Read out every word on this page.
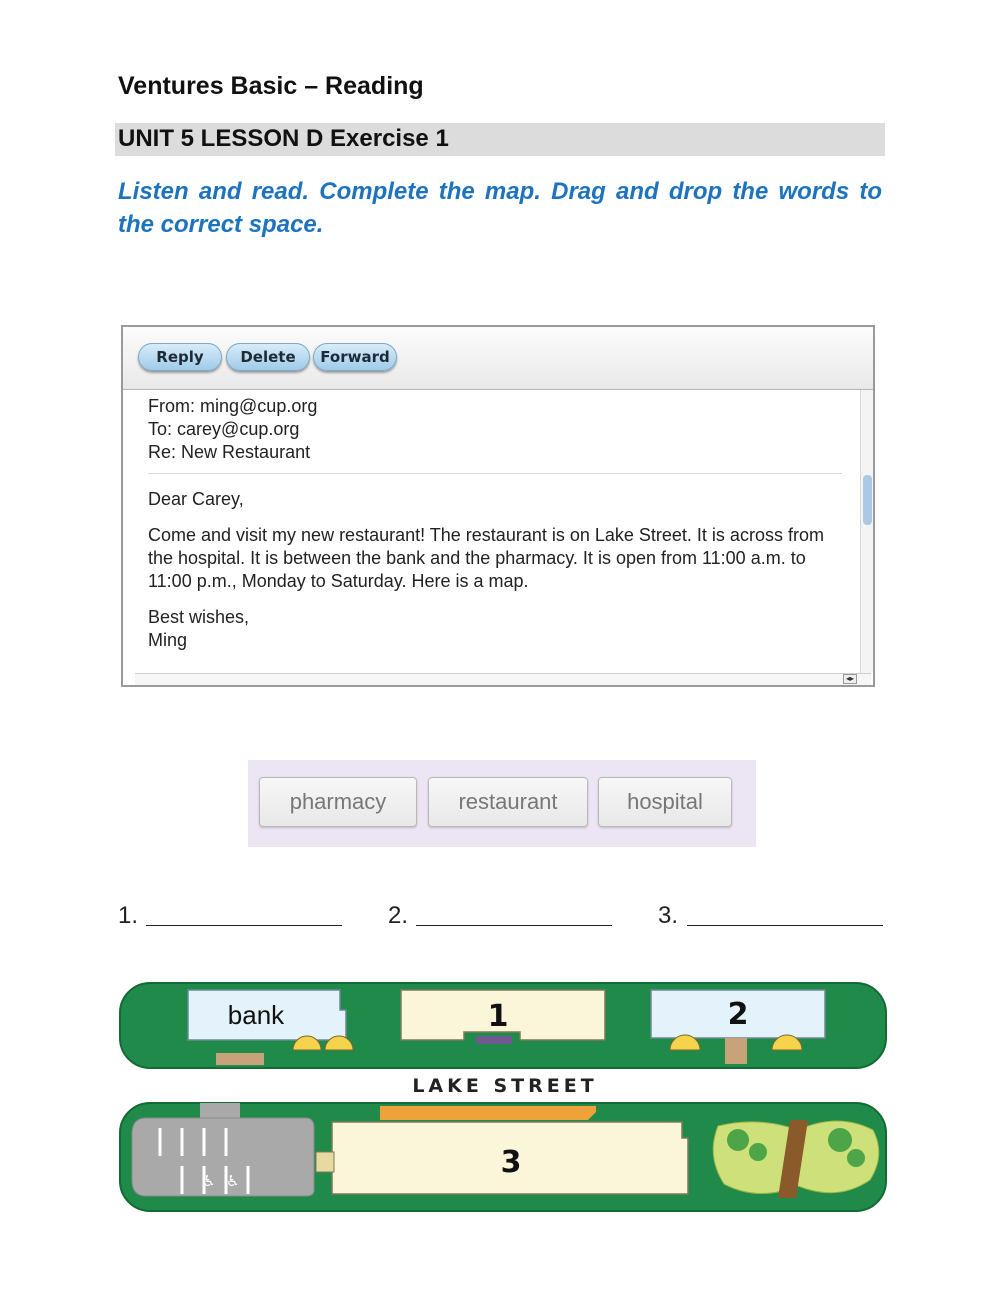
Ventures Basic – Reading
UNIT 5 LESSON D Exercise 1
Listen and read. Complete the map. Drag and drop the words to the correct space.
Reply	Delete	Forward
From: ming@cup.org
To: carey@cup.org
Re: New Restaurant

Dear Carey,

Come and visit my new restaurant! The restaurant is on Lake Street. It is across from the hospital. It is between the bank and the pharmacy. It is open from 11:00 a.m. to 11:00 p.m., Monday to Saturday. Here is a map.

Best wishes,

Ming

◂▸
pharmacy	restaurant	hospital
1.	2.	3.
bank	1	2
LAKE STREET
♿ ♿
3
